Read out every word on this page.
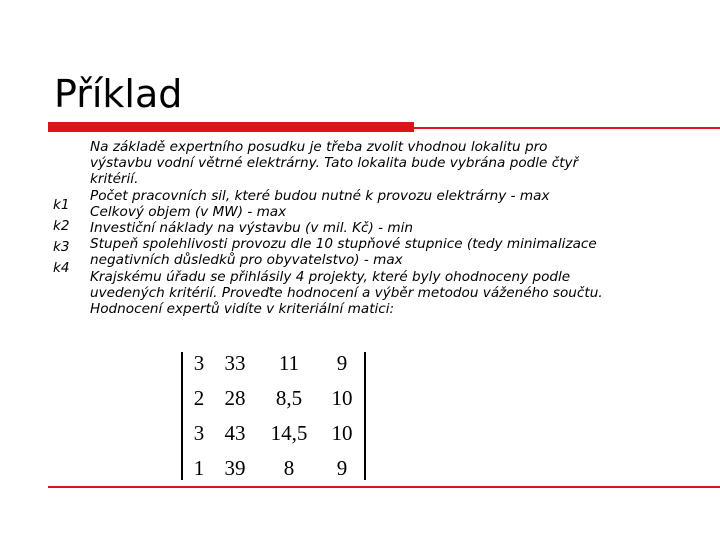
Příklad
Na základě expertního posudku je třeba zvolit vhodnou lokalitu pro
výstavbu vodní větrné elektrárny. Tato lokalita bude vybrána podle čtyř
kritérií.
Počet pracovních sil, které budou nutné k provozu elektrárny - max
Celkový objem (v MW) - max
Investiční náklady na výstavbu (v mil. Kč) - min
Stupeň spolehlivosti provozu dle 10 stupňové stupnice (tedy minimalizace
negativních důsledků pro obyvatelstvo) - max
Krajskému úřadu se přihlásily 4 projekty, které byly ohodnoceny podle
uvedených kritérií. Proveďte hodnocení a výběr metodou váženého součtu.
Hodnocení expertů vidíte v kriteriální matici:
k1
k2
k3
k4
3	33	11	9
2	28	8,5	10
3	43	14,5	10
1	39	8	9
